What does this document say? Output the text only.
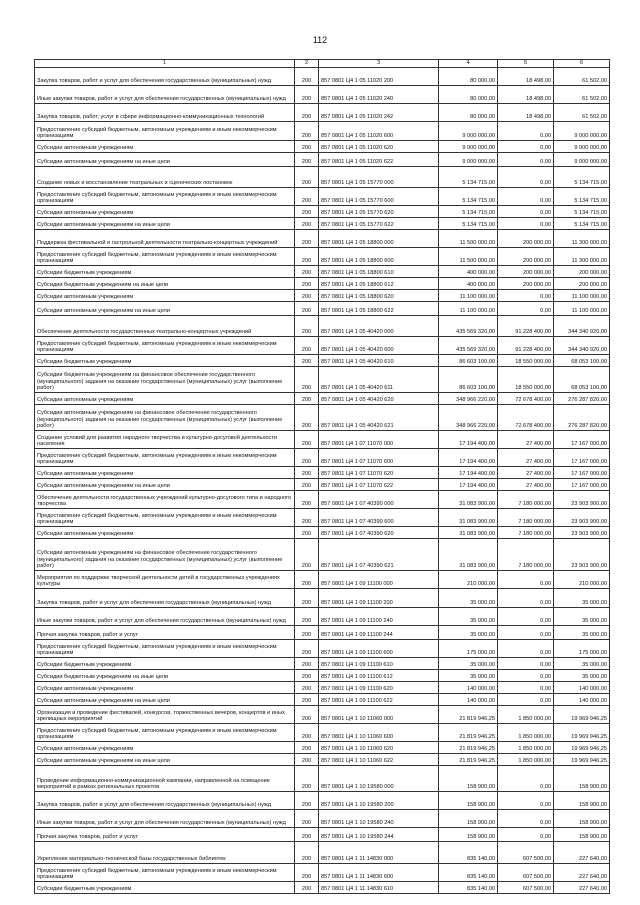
112
1	2	3	4	5	6
Закупка товаров, работ и услуг для обеспечения государственных (муниципальных) нужд	200	857 0801 Ц4 1 05 11020 200	80 000,00	18 498,00	61 502,00
Иные закупки товаров, работ и услуг для обеспечения государственных (муниципальных) нужд	200	857 0801 Ц4 1 05 11020 240	80 000,00	18 498,00	61 502,00
Закупка товаров, работ, услуг в сфере информационно-коммуникационных технологий	200	857 0801 Ц4 1 05 11020 242	80 000,00	18 498,00	61 502,00
Предоставление субсидий бюджетным, автономным учреждениям и иным некоммерческим организациям	200	857 0801 Ц4 1 05 11020 600	9 000 000,00	0,00	9 000 000,00
Субсидии автономным учреждениям	200	857 0801 Ц4 1 05 11020 620	9 000 000,00	0,00	9 000 000,00
Субсидии автономным учреждениям на иные цели	200	857 0801 Ц4 1 05 11020 622	9 000 000,00	0,00	9 000 000,00
Создание новых и восстановление театральных и сценических постановок	200	857 0801 Ц4 1 05 15770 000	5 134 715,00	0,00	5 134 715,00
Предоставление субсидий бюджетным, автономным учреждениям и иным некоммерческим организациям	200	857 0801 Ц4 1 05 15770 600	5 134 715,00	0,00	5 134 715,00
Субсидии автономным учреждениям	200	857 0801 Ц4 1 05 15770 620	5 134 715,00	0,00	5 134 715,00
Субсидии автономным учреждениям на иные цели	200	857 0801 Ц4 1 05 15770 622	5 134 715,00	0,00	5 134 715,00
Поддержка фестивальной и гастрольной деятельности театрально-концертных учреждений	200	857 0801 Ц4 1 05 18800 000	11 500 000,00	200 000,00	11 300 000,00
Предоставление субсидий бюджетным, автономным учреждениям и иным некоммерческим организациям	200	857 0801 Ц4 1 05 18800 600	11 500 000,00	200 000,00	11 300 000,00
Субсидии бюджетным учреждениям	200	857 0801 Ц4 1 05 18800 610	400 000,00	200 000,00	200 000,00
Субсидии бюджетным учреждениям на иные цели	200	857 0801 Ц4 1 05 18800 612	400 000,00	200 000,00	200 000,00
Субсидии автономным учреждениям	200	857 0801 Ц4 1 05 18800 620	11 100 000,00	0,00	11 100 000,00
Субсидии автономным учреждениям на иные цели	200	857 0801 Ц4 1 05 18800 622	11 100 000,00	0,00	11 100 000,00
Обеспечение деятельности государственных театрально-концертных учреждений	200	857 0801 Ц4 1 05 40420 000	435 569 320,00	91 228 400,00	344 340 920,00
Предоставление субсидий бюджетным, автономным учреждениям и иным некоммерческим организациям	200	857 0801 Ц4 1 05 40420 600	435 569 320,00	91 228 400,00	344 340 920,00
Субсидии бюджетным учреждениям	200	857 0801 Ц4 1 05 40420 610	86 603 100,00	18 550 000,00	68 053 100,00
Субсидии бюджетным учреждениям на финансовое обеспечение государственного (муниципального) задания на оказание государственных (муниципальных) услуг (выполнение работ)	200	857 0801 Ц4 1 05 40420 611	86 603 100,00	18 550 000,00	68 053 100,00
Субсидии автономным учреждениям	200	857 0801 Ц4 1 05 40420 620	348 966 220,00	72 678 400,00	276 287 820,00
Субсидии автономным учреждениям на финансовое обеспечение государственного (муниципального) задания на оказание государственных (муниципальных) услуг (выполнение работ)	200	857 0801 Ц4 1 05 40420 621	348 966 220,00	72 678 400,00	276 287 820,00
Создание условий для развития народного творчества и культурно-досуговой деятельности населения	200	857 0801 Ц4 1 07 11070 000	17 194 400,00	27 400,00	17 167 000,00
Предоставление субсидий бюджетным, автономным учреждениям и иным некоммерческим организациям	200	857 0801 Ц4 1 07 11070 600	17 194 400,00	27 400,00	17 167 000,00
Субсидии автономным учреждениям	200	857 0801 Ц4 1 07 11070 620	17 194 400,00	27 400,00	17 167 000,00
Субсидии автономным учреждениям на иные цели	200	857 0801 Ц4 1 07 11070 622	17 194 400,00	27 400,00	17 167 000,00
Обеспечение деятельности государственных учреждений культурно-досугового типа и народного творчества	200	857 0801 Ц4 1 07 40390 000	31 083 900,00	7 180 000,00	23 903 900,00
Предоставление субсидий бюджетным, автономным учреждениям и иным некоммерческим организациям	200	857 0801 Ц4 1 07 40390 600	31 083 900,00	7 180 000,00	23 903 900,00
Субсидии автономным учреждениям	200	857 0801 Ц4 1 07 40390 620	31 083 900,00	7 180 000,00	23 903 900,00
Субсидии автономным учреждениям на финансовое обеспечение государственного (муниципального) задания на оказание государственных (муниципальных) услуг (выполнение работ)	200	857 0801 Ц4 1 07 40390 621	31 083 900,00	7 180 000,00	23 903 900,00
Мероприятия по поддержке творческой деятельности детей в государственных учреждениях культуры	200	857 0801 Ц4 1 09 11100 000	210 000,00	0,00	210 000,00
Закупка товаров, работ и услуг для обеспечения государственных (муниципальных) нужд	200	857 0801 Ц4 1 09 11100 200	35 000,00	0,00	35 000,00
Иные закупки товаров, работ и услуг для обеспечения государственных (муниципальных) нужд	200	857 0801 Ц4 1 09 11100 240	35 000,00	0,00	35 000,00
Прочая закупка товаров, работ и услуг	200	857 0801 Ц4 1 09 11100 244	35 000,00	0,00	35 000,00
Предоставление субсидий бюджетным, автономным учреждениям и иным некоммерческим организациям	200	857 0801 Ц4 1 09 11100 600	175 000,00	0,00	175 000,00
Субсидии бюджетным учреждениям	200	857 0801 Ц4 1 09 11100 610	35 000,00	0,00	35 000,00
Субсидии бюджетным учреждениям на иные цели	200	857 0801 Ц4 1 09 11100 612	35 000,00	0,00	35 000,00
Субсидии автономным учреждениям	200	857 0801 Ц4 1 09 11100 620	140 000,00	0,00	140 000,00
Субсидии автономным учреждениям на иные цели	200	857 0801 Ц4 1 09 11100 622	140 000,00	0,00	140 000,00
Организация и проведение фестивалей, конкурсов, торжественных вечеров, концертов и иных зрелищных мероприятий	200	857 0801 Ц4 1 10 11060 000	21 819 946,25	1 850 000,00	19 969 946,25
Предоставление субсидий бюджетным, автономным учреждениям и иным некоммерческим организациям	200	857 0801 Ц4 1 10 11060 600	21 819 946,25	1 850 000,00	19 969 946,25
Субсидии автономным учреждениям	200	857 0801 Ц4 1 10 11060 620	21 819 946,25	1 850 000,00	19 969 946,25
Субсидии автономным учреждениям на иные цели	200	857 0801 Ц4 1 10 11060 622	21 819 946,25	1 850 000,00	19 969 946,25
Проведение информационно-коммуникационной кампании, направленной на освещение мероприятий в рамках региональных проектов	200	857 0801 Ц4 1 10 19580 000	158 900,00	0,00	158 900,00
Закупка товаров, работ и услуг для обеспечения государственных (муниципальных) нужд	200	857 0801 Ц4 1 10 19580 200	158 900,00	0,00	158 900,00
Иные закупки товаров, работ и услуг для обеспечения государственных (муниципальных) нужд	200	857 0801 Ц4 1 10 19580 240	158 900,00	0,00	158 900,00
Прочая закупка товаров, работ и услуг	200	857 0801 Ц4 1 10 19580 244	158 900,00	0,00	158 900,00
Укрепление материально-технической базы государственных библиотек	200	857 0801 Ц4 1 11 14830 000	835 140,00	607 500,00	227 640,00
Предоставление субсидий бюджетным, автономным учреждениям и иным некоммерческим организациям	200	857 0801 Ц4 1 11 14830 600	835 140,00	607 500,00	227 640,00
Субсидии бюджетным учреждениям	200	857 0801 Ц4 1 11 14830 610	835 140,00	607 500,00	227 640,00
